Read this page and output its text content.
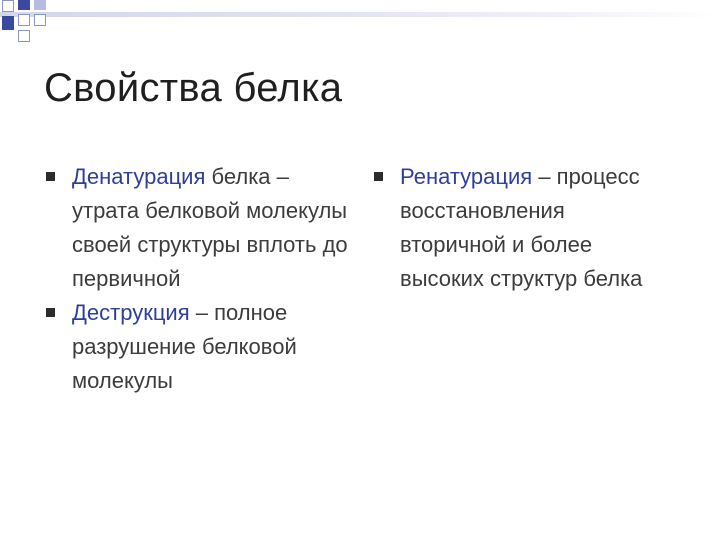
Свойства белка
Денатурация белка – утрата белковой молекулы своей структуры вплоть до первичной
Деструкция – полное разрушение белковой молекулы
Ренатурация – процесс восстановления вторичной и более высоких структур белка
